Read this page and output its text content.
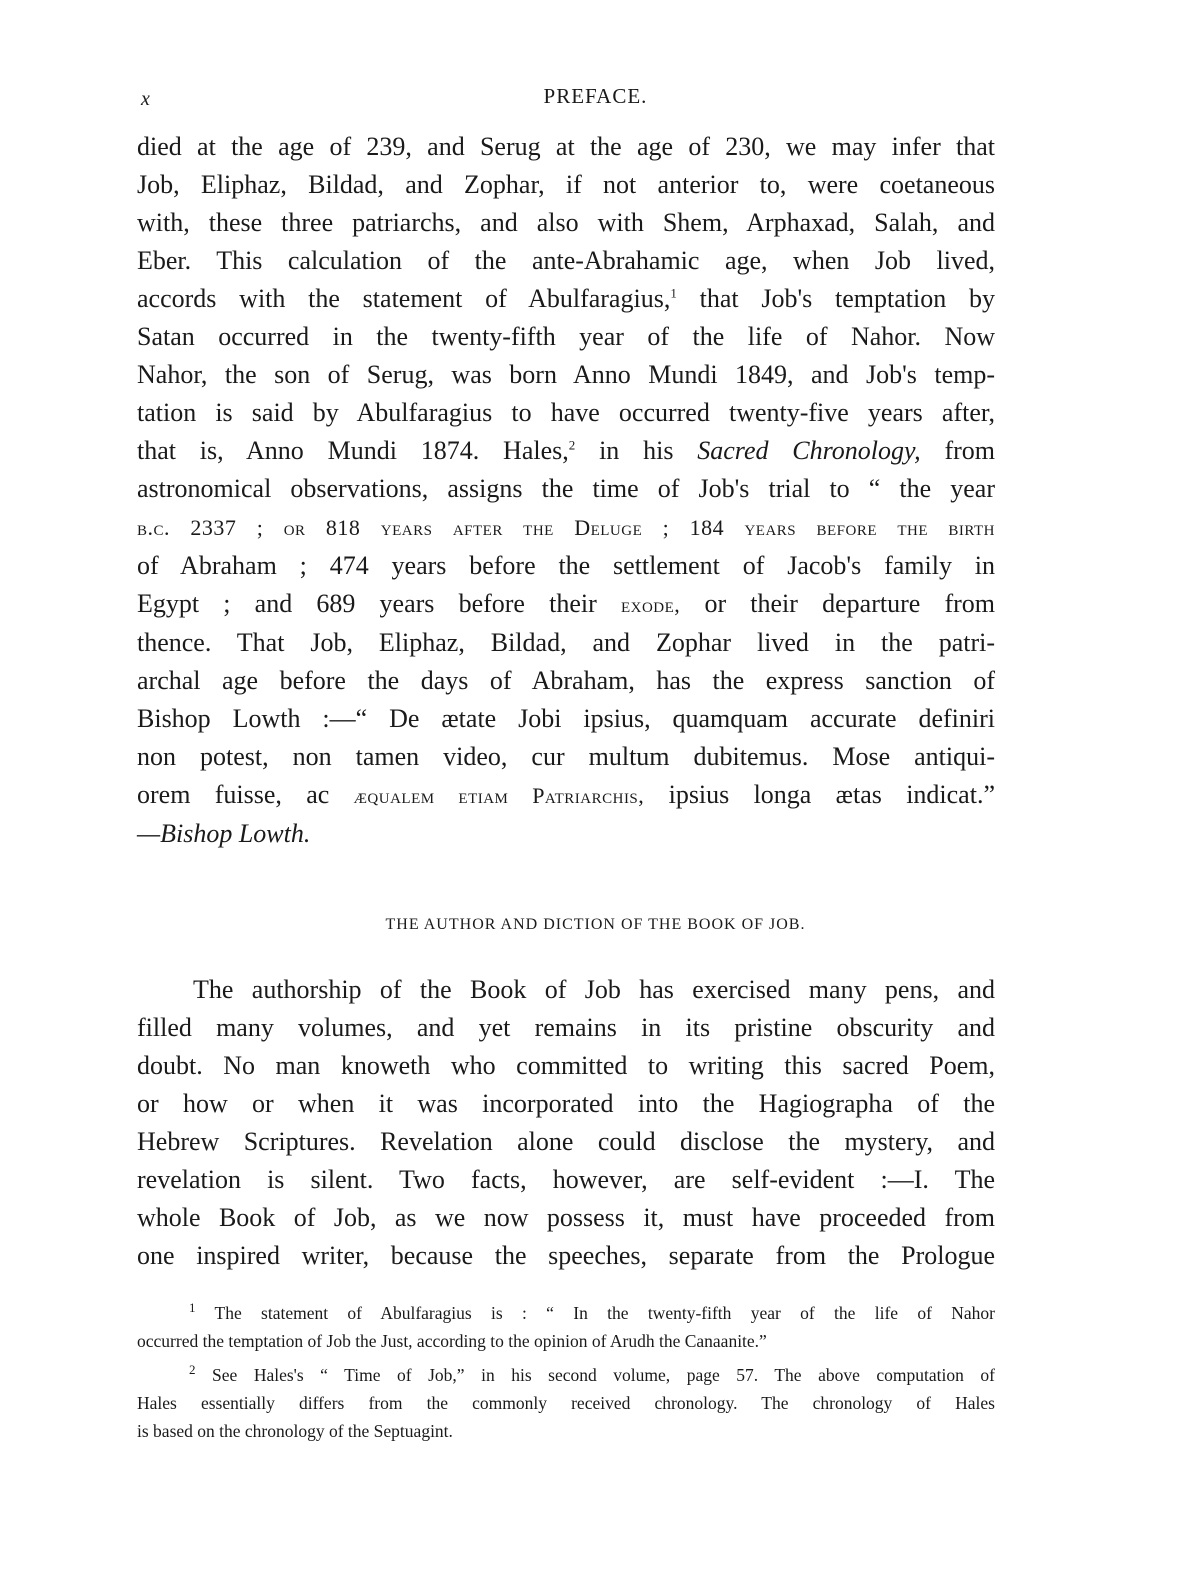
x	PREFACE.
died at the age of 239, and Serug at the age of 230, we may infer that
Job, Eliphaz, Bildad, and Zophar, if not anterior to, were coetaneous
with, these three patriarchs, and also with Shem, Arphaxad, Salah, and
Eber. This calculation of the ante-Abrahamic age, when Job lived,
accords with the statement of Abulfaragius,$^1$ that Job's temptation by
Satan occurred in the twenty-fifth year of the life of Nahor. Now
Nahor, the son of Serug, was born Anno Mundi 1849, and Job's temp-
tation is said by Abulfaragius to have occurred twenty-five years after,
that is, Anno Mundi 1874. Hales,$^2$ in his Sacred Chronology, from
astronomical observations, assigns the time of Job's trial to “ the year
b.c. 2337 ; or 818 years after the Deluge ; 184 years before the birth
of Abraham ; 474 years before the settlement of Jacob's family in
Egypt ; and 689 years before their exode, or their departure from
thence. That Job, Eliphaz, Bildad, and Zophar lived in the patri-
archal age before the days of Abraham, has the express sanction of
Bishop Lowth :—“ De ætate Jobi ipsius, quamquam accurate definiri
non potest, non tamen video, cur multum dubitemus. Mose antiqui-
orem fuisse, ac æqualem etiam Patriarchis, ipsius longa ætas indicat.”
—Bishop Lowth.
THE AUTHOR AND DICTION OF THE BOOK OF JOB.
The authorship of the Book of Job has exercised many pens, and
filled many volumes, and yet remains in its pristine obscurity and
doubt. No man knoweth who committed to writing this sacred Poem,
or how or when it was incorporated into the Hagiographa of the
Hebrew Scriptures. Revelation alone could disclose the mystery, and
revelation is silent. Two facts, however, are self-evident :—I. The
whole Book of Job, as we now possess it, must have proceeded from
one inspired writer, because the speeches, separate from the Prologue
$^1$ The statement of Abulfaragius is : “ In the twenty-fifth year of the life of Nahor
occurred the temptation of Job the Just, according to the opinion of Arudh the Canaanite.”
$^2$ See Hales's “ Time of Job,” in his second volume, page 57. The above computation of
Hales essentially differs from the commonly received chronology. The chronology of Hales
is based on the chronology of the Septuagint.
